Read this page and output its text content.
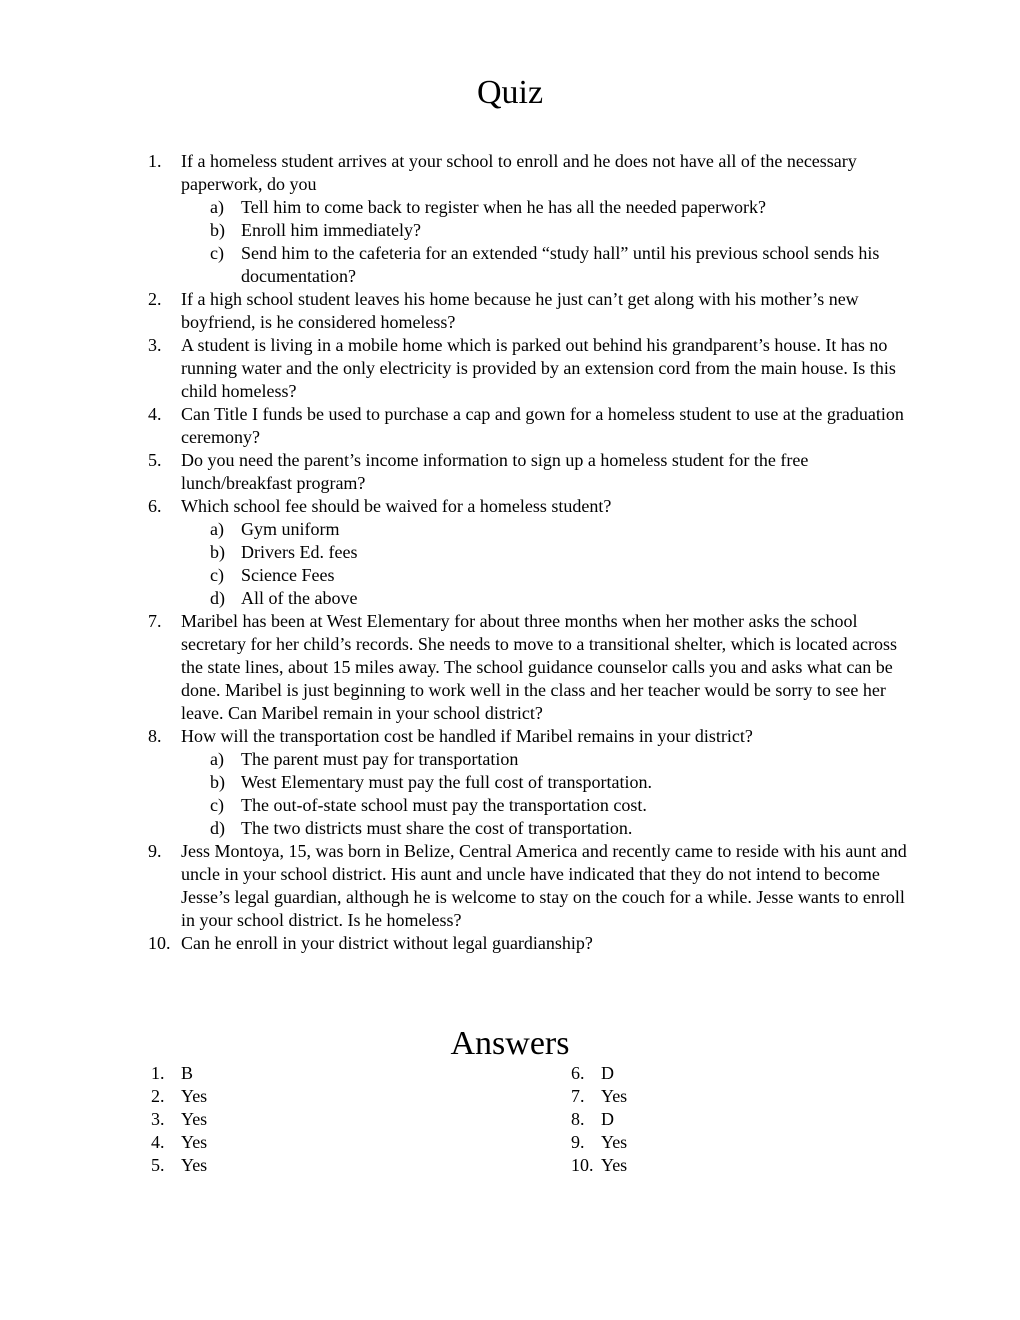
Quiz
1. If a homeless student arrives at your school to enroll and he does not have all of the necessary paperwork, do you
a) Tell him to come back to register when he has all the needed paperwork?
b) Enroll him immediately?
c) Send him to the cafeteria for an extended “study hall” until his previous school sends his documentation?
2. If a high school student leaves his home because he just can’t get along with his mother’s new boyfriend, is he considered homeless?
3. A student is living in a mobile home which is parked out behind his grandparent’s house. It has no running water and the only electricity is provided by an extension cord from the main house. Is this child homeless?
4. Can Title I funds be used to purchase a cap and gown for a homeless student to use at the graduation ceremony?
5. Do you need the parent’s income information to sign up a homeless student for the free lunch/breakfast program?
6. Which school fee should be waived for a homeless student?
a) Gym uniform
b) Drivers Ed. fees
c) Science Fees
d) All of the above
7. Maribel has been at West Elementary for about three months when her mother asks the school secretary for her child’s records. She needs to move to a transitional shelter, which is located across the state lines, about 15 miles away. The school guidance counselor calls you and asks what can be done. Maribel is just beginning to work well in the class and her teacher would be sorry to see her leave. Can Maribel remain in your school district?
8. How will the transportation cost be handled if Maribel remains in your district?
a) The parent must pay for transportation
b) West Elementary must pay the full cost of transportation.
c) The out-of-state school must pay the transportation cost.
d) The two districts must share the cost of transportation.
9. Jess Montoya, 15, was born in Belize, Central America and recently came to reside with his aunt and uncle in your school district. His aunt and uncle have indicated that they do not intend to become Jesse’s legal guardian, although he is welcome to stay on the couch for a while. Jesse wants to enroll in your school district. Is he homeless?
10. Can he enroll in your district without legal guardianship?
Answers
1. B
2. Yes
3. Yes
4. Yes
5. Yes
6. D
7. Yes
8. D
9. Yes
10. Yes
